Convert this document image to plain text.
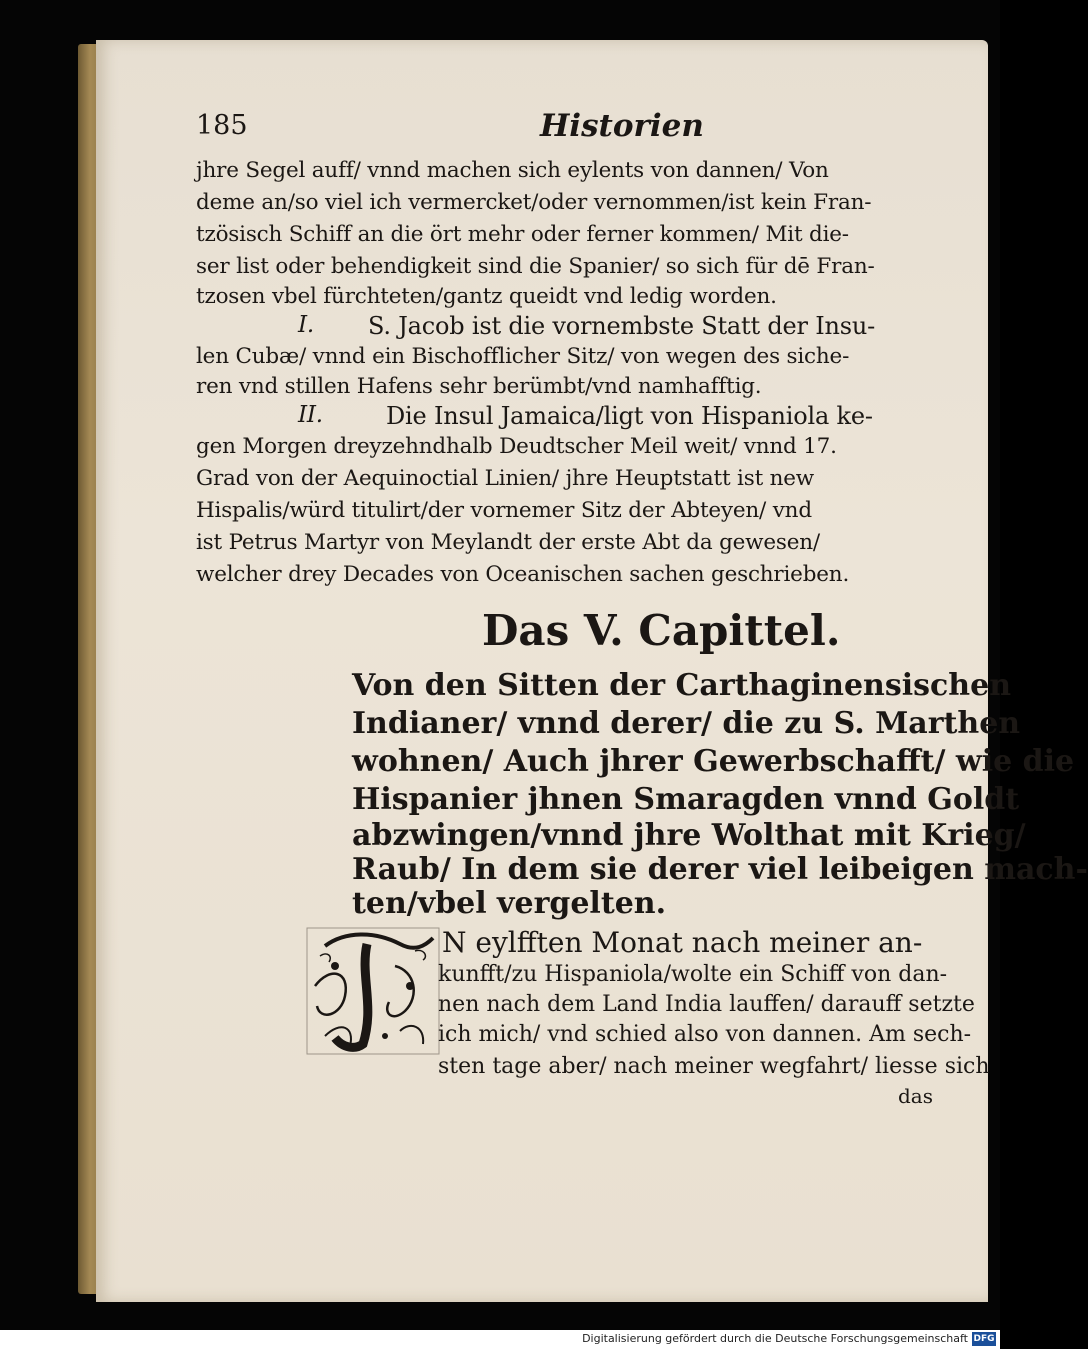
185	Historien
jhre Segel auff/ vnnd machen sich eylents von dannen/ Von
deme an/so viel ich vermercket/oder vernommen/ist kein Fran-
tzösisch Schiff an die ört mehr oder ferner kommen/ Mit die-
ser list oder behendigkeit sind die Spanier/ so sich für dē Fran-
tzosen vbel fürchteten/gantz queidt vnd ledig worden.
I. S. Jacob ist die vornembste Statt der Insu-
len Cubæ/ vnnd ein Bischofflicher Sitz/ von wegen des siche-
ren vnd stillen Hafens sehr berümbt/vnd namhafftig.
II.	Die Insul Jamaica/ligt von Hispaniola ke-
gen Morgen dreyzehndhalb Deudtscher Meil weit/ vnnd 17.
Grad von der Aequinoctial Linien/ jhre Heuptstatt ist new
Hispalis/würd titulirt/der vornemer Sitz der Abteyen/ vnd
ist Petrus Martyr von Meylandt der erste Abt da gewesen/
welcher drey Decades von Oceanischen sachen geschrieben.
Das V. Capittel.
Von den Sitten der Carthaginensischen
Indianer/ vnnd derer/ die zu S. Marthen
wohnen/ Auch jhrer Gewerbschafft/ wie die
Hispanier jhnen Smaragden vnnd Goldt
abzwingen/vnnd jhre Wolthat mit Krieg/
Raub/ In dem sie derer viel leibeigen mach-
ten/vbel vergelten.
N eylfften Monat nach meiner an-
kunfft/zu Hispaniola/wolte ein Schiff von dan-
nen nach dem Land India lauffen/ darauff setzte
ich mich/ vnd schied also von dannen. Am sech-
sten tage aber/ nach meiner wegfahrt/ liesse sich
das
Digitalisierung gefördert durch die Deutsche Forschungsgemeinschaft DFG
